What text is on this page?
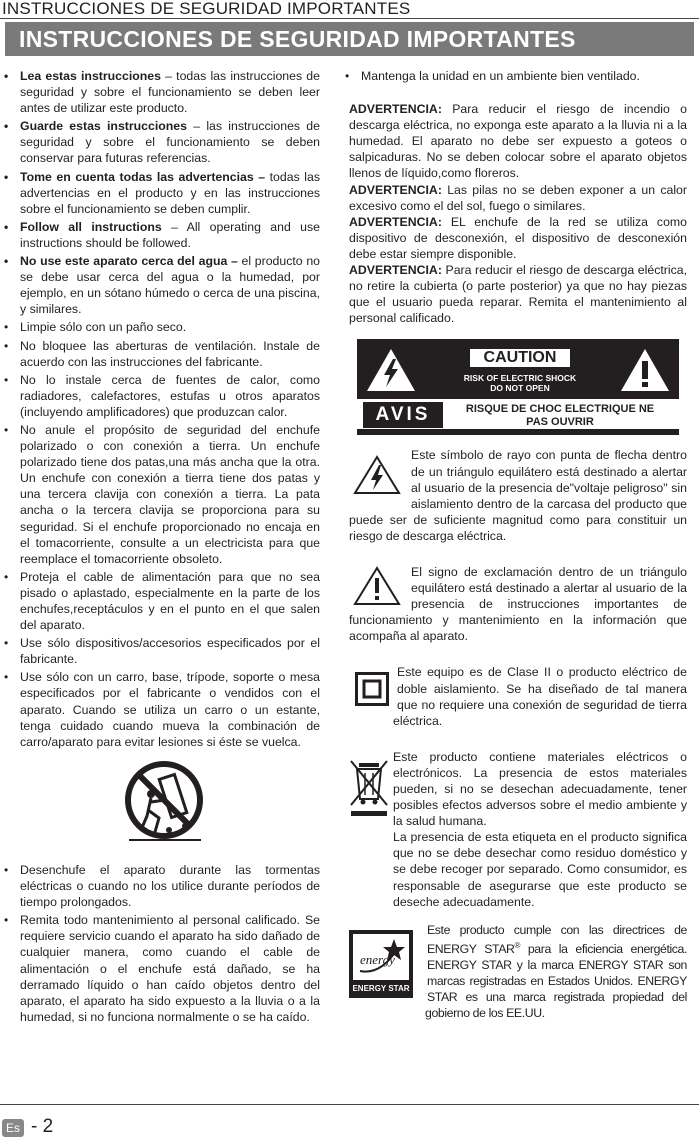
INSTRUCCIONES DE SEGURIDAD IMPORTANTES
INSTRUCCIONES DE SEGURIDAD IMPORTANTES
• Lea estas instrucciones – todas las instrucciones de seguridad y sobre el funcionamiento se deben leer antes de utilizar este producto.
• Guarde estas instrucciones – las instrucciones de seguridad y sobre el funcionamiento se deben conservar para futuras referencias.
• Tome en cuenta todas las advertencias – todas las advertencias en el producto y en las instrucciones sobre el funcionamiento se deben cumplir.
• Follow all instructions – All operating and use instructions should be followed.
• No use este aparato cerca del agua – el producto no se debe usar cerca del agua o la humedad, por ejemplo, en un sótano húmedo o cerca de una piscina, y similares.
• Limpie sólo con un paño seco.
• No bloquee las aberturas de ventilación. Instale de acuerdo con las instrucciones del fabricante.
• No lo instale cerca de fuentes de calor, como radiadores, calefactores, estufas u otros aparatos (incluyendo amplificadores) que produzcan calor.
• No anule el propósito de seguridad del enchufe polarizado o con conexión a tierra. Un enchufe polarizado tiene dos patas,una más ancha que la otra. Un enchufe con conexión a tierra tiene dos patas y una tercera clavija con conexión a tierra. La pata ancha o la tercera clavija se proporciona para su seguridad. Si el enchufe proporcionado no encaja en el tomacorriente, consulte a un electricista para que reemplace el tomacorriente obsoleto.
• Proteja el cable de alimentación para que no sea pisado o aplastado, especialmente en la parte de los enchufes,receptáculos y en el punto en el que salen del aparato.
• Use sólo dispositivos/accesorios especificados por el fabricante.
• Use sólo con un carro, base, trípode, soporte o mesa especificados por el fabricante o vendidos con el aparato. Cuando se utiliza un carro o un estante, tenga cuidado cuando mueva la combinación de carro/aparato para evitar lesiones si éste se vuelca.
• Desenchufe el aparato durante las tormentas eléctricas o cuando no los utilice durante períodos de tiempo prolongados.
• Remita todo mantenimiento al personal calificado. Se requiere servicio cuando el aparato ha sido dañado de cualquier manera, como cuando el cable de alimentación o el enchufe está dañado, se ha derramado líquido o han caído objetos dentro del aparato, el aparato ha sido expuesto a la lluvia o a la humedad, si no funciona normalmente o se ha caído.
• Mantenga la unidad en un ambiente bien ventilado.

ADVERTENCIA: Para reducir el riesgo de incendio o descarga eléctrica, no exponga este aparato a la lluvia ni a la humedad. El aparato no debe ser expuesto a goteos o salpicaduras. No se deben colocar sobre el aparato objetos llenos de líquido,como floreros.

ADVERTENCIA: Las pilas no se deben exponer a un calor excesivo como el del sol, fuego o similares.

ADVERTENCIA: EL enchufe de la red se utiliza como dispositivo de desconexión, el dispositivo de desconexión debe estar siempre disponible.

ADVERTENCIA: Para reducir el riesgo de descarga eléctrica, no retire la cubierta (o parte posterior) ya que no hay piezas que el usuario pueda reparar. Remita el mantenimiento al personal calificado.

CAUTION
RISK OF ELECTRIC SHOCK
DO NOT OPEN
AVIS	RISQUE DE CHOC ELECTRIQUE NE
PAS OUVRIR

Este símbolo de rayo con punta de flecha dentro de un triángulo equilátero está destinado a alertar al usuario de la presencia de"voltaje peligroso" sin aislamiento dentro de la carcasa del producto que puede ser de suficiente magnitud como para constituir un riesgo de descarga eléctrica.

El signo de exclamación dentro de un triángulo equilátero está destinado a alertar al usuario de la presencia de instrucciones importantes de funcionamiento y mantenimiento en la información que acompaña al aparato.

Este equipo es de Clase II o producto eléctrico de doble aislamiento. Se ha diseñado de tal manera que no requiere una conexión de seguridad de tierra eléctrica.

Este producto contiene materiales eléctricos o electrónicos. La presencia de estos materiales pueden, si no se desechan adecuadamente, tener posibles efectos adversos sobre el medio ambiente y la salud humana.

La presencia de esta etiqueta en el producto significa que no se debe desechar como residuo doméstico y se debe recoger por separado. Como consumidor, es responsable de asegurarse que este producto se deseche adecuadamente.

energy
ENERGY STAR

Este producto cumple con las directrices de ENERGY STAR® para la eficiencia energética. ENERGY STAR y la marca ENERGY STAR son marcas registradas en Estados Unidos. ENERGY STAR es una marca registrada propiedad del gobierno de los EE.UU.

Es - 2
